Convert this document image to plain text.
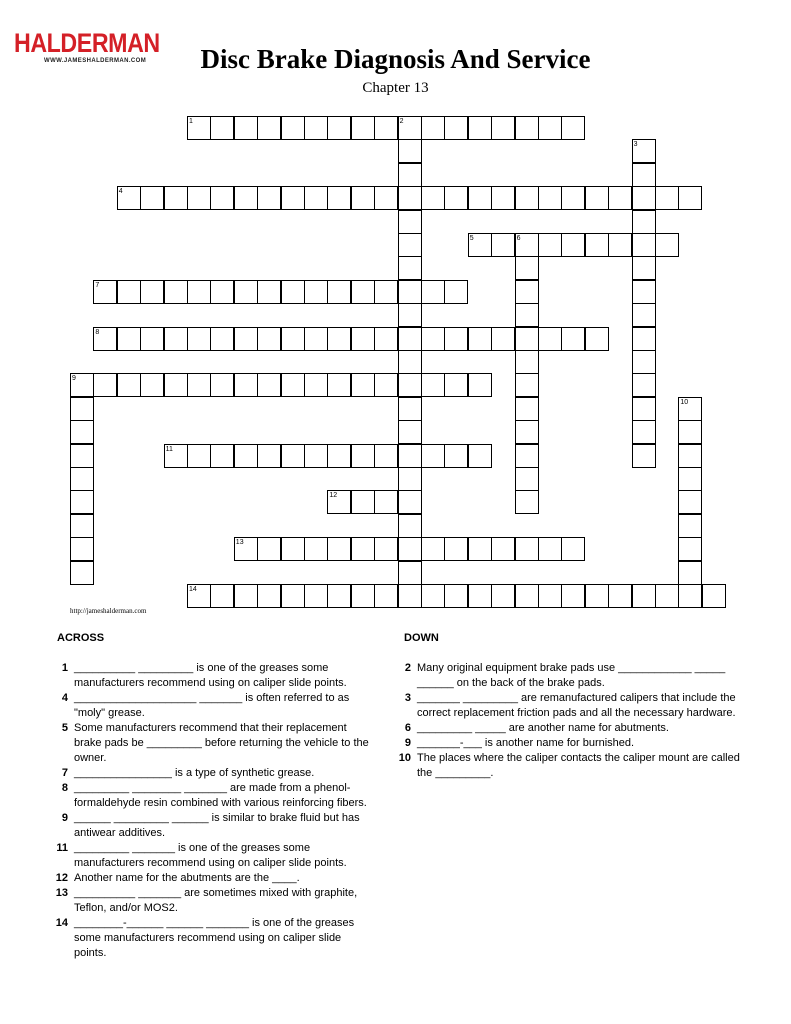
HALDERMAN
WWW.JAMESHALDERMAN.COM	Disc Brake Diagnosis And Service
Chapter 13
1	2
3
4
5	6
7
8
9
10
11
12
13
14
http://jameshalderman.com
ACROSS	DOWN
1 __________ _________ is one of the greases some manufacturers recommend using on caliper slide points.
4 ____________________ _______ is often referred to as "moly" grease.
5 Some manufacturers recommend that their replacement brake pads be _________ before returning the vehicle to the owner.
7 ________________ is a type of synthetic grease.
8 _________ ________ _______ are made from a phenol-formaldehyde resin combined with various reinforcing fibers.
9 ______ _________ ______ is similar to brake fluid but has antiwear additives.
11 _________ _______ is one of the greases some manufacturers recommend using on caliper slide points.
12 Another name for the abutments are the ____.
13 __________ _______ are sometimes mixed with graphite, Teflon, and/or MOS2.
14 ________-______ ______ _______ is one of the greases some manufacturers recommend using on caliper slide points.
2 Many original equipment brake pads use ____________ _____ ______ on the back of the brake pads.
3 _______ _________ are remanufactured calipers that include the correct replacement friction pads and all the necessary hardware.
6 _________ _____ are another name for abutments.
9 _______-___ is another name for burnished.
10 The places where the caliper contacts the caliper mount are called the _________.
